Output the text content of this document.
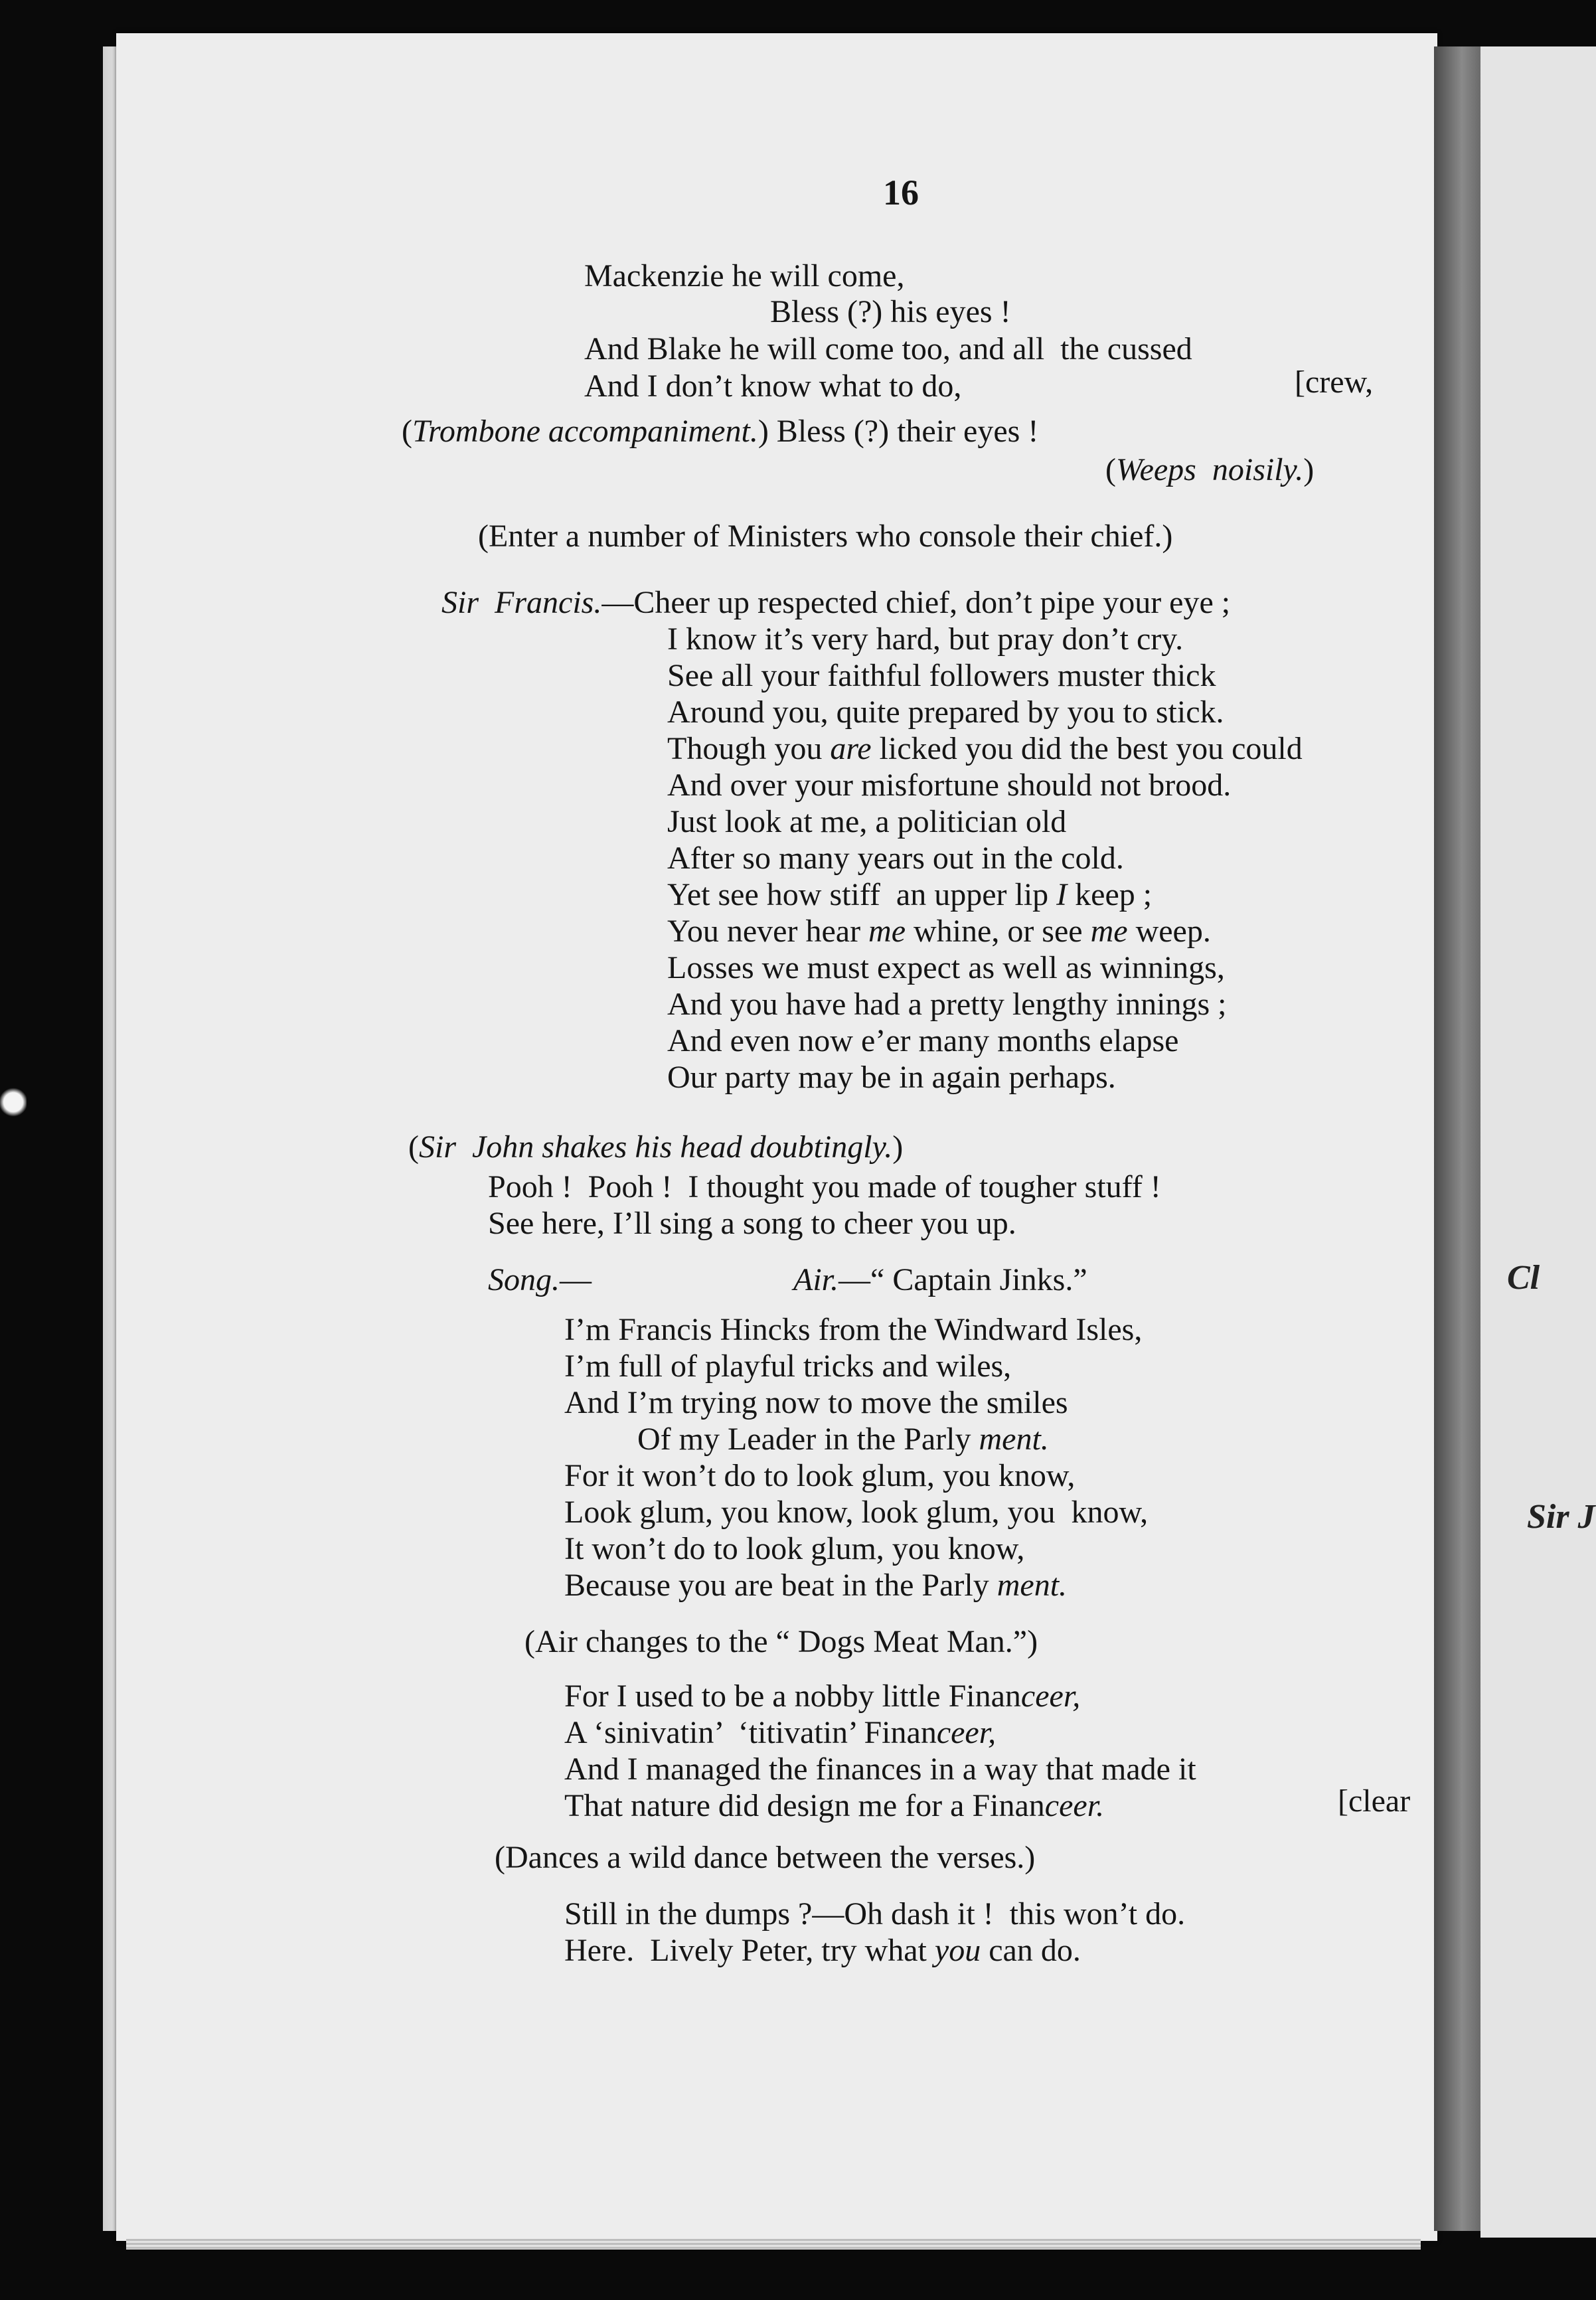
Cl
Sir J
16
Mackenzie he will come,
Bless (?) his eyes !
And Blake he will come too, and all  the cussed
And I don’t know what to do,	[crew,
(Trombone accompaniment.) Bless (?) their eyes !
(Weeps  noisily.)
(Enter a number of Ministers who console their chief.)
Sir  Francis.—Cheer up respected chief, don’t pipe your eye ;
I know it’s very hard, but pray don’t cry.
See all your faithful followers muster thick
Around you, quite prepared by you to stick.
Though you are licked you did the best you could
And over your misfortune should not brood.
Just look at me, a politician old
After so many years out in the cold.
Yet see how stiff  an upper lip I keep ;
You never hear me whine, or see me weep.
Losses we must expect as well as winnings,
And you have had a pretty lengthy innings ;
And even now e’er many months elapse
Our party may be in again perhaps.
(Sir  John shakes his head doubtingly.)
Pooh !  Pooh !  I thought you made of tougher stuff !
See here, I’ll sing a song to cheer you up.
Song.—	Air.—“ Captain Jinks.”
I’m Francis Hincks from the Windward Isles,
I’m full of playful tricks and wiles,
And I’m trying now to move the smiles
Of my Leader in the Parly ment.
For it won’t do to look glum, you know,
Look glum, you know, look glum, you  know,
It won’t do to look glum, you know,
Because you are beat in the Parly ment.
(Air changes to the “ Dogs Meat Man.”)
For I used to be a nobby little Financeer,
A ‘sinivatin’  ‘titivatin’ Financeer,
And I managed the finances in a way that made it
That nature did design me for a Financeer.	[clear
(Dances a wild dance between the verses.)
Still in the dumps ?—Oh dash it !  this won’t do.
Here.  Lively Peter, try what you can do.
